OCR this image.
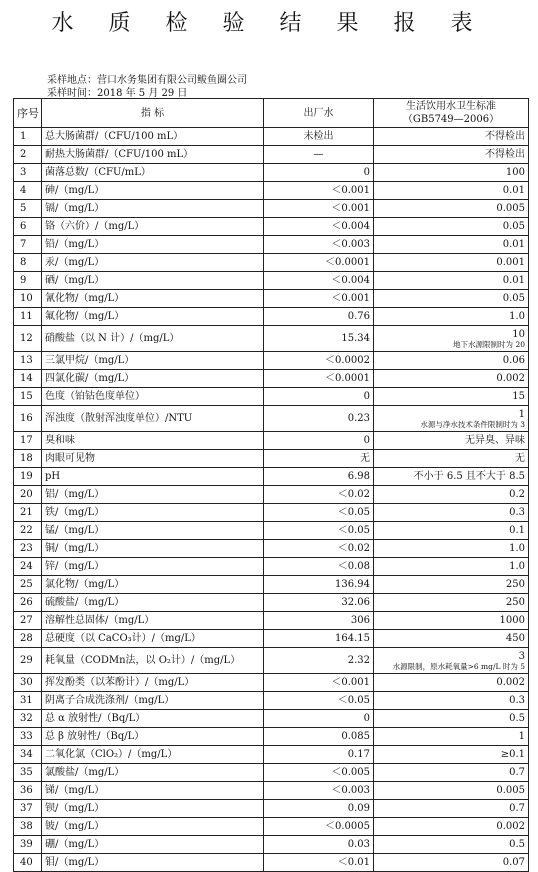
水 质 检 验 结 果 报 表
采样地点：营口水务集团有限公司鲅鱼圈公司
采样时间：2018 年 5 月 29 日
序号	指 标	出厂水	生活饮用水卫生标准
（GB5749—2006）
1	总大肠菌群/（CFU/100 mL）	未检出	不得检出

2	耐热大肠菌群/（CFU/100 mL）	—	不得检出

3	菌落总数/（CFU/mL）	0	100

4	砷/（mg/L）	＜0.001	0.01

5	镉/（mg/L）	＜0.001	0.005

6	铬（六价）/（mg/L）	＜0.004	0.05

7	铅/（mg/L）	＜0.003	0.01

8	汞/（mg/L）	＜0.0001	0.001

9	硒/（mg/L）	＜0.004	0.01

10	氰化物/（mg/L）	＜0.001	0.05

11	氟化物/（mg/L）	0.76	1.0

12	硝酸盐（以 N 计）/（mg/L）	15.34	10
地下水源限制时为 20

13	三氯甲烷/（mg/L）	＜0.0002	0.06

14	四氯化碳/（mg/L）	＜0.0001	0.002

15	色度（铂钴色度单位）	0	15

16	浑浊度（散射浑浊度单位）/NTU	0.23	1
水源与净水技术条件限制时为 3

17	臭和味	0	无异臭、异味

18	肉眼可见物	无	无

19	pH	6.98	不小于 6.5 且不大于 8.5

20	铝/（mg/L）	＜0.02	0.2

21	铁/（mg/L）	＜0.05	0.3

22	锰/（mg/L）	＜0.05	0.1

23	铜/（mg/L）	＜0.02	1.0

24	锌/（mg/L）	＜0.08	1.0

25	氯化物/（mg/L）	136.94	250

26	硫酸盐/（mg/L）	32.06	250

27	溶解性总固体/（mg/L）	306	1000

28	总硬度（以 CaCO₃计）/（mg/L）	164.15	450

29	耗氧量（CODMn法，以 O₂计）/（mg/L）	2.32	3
水源限制，原水耗氧量>6 mg/L 时为 5

30	挥发酚类（以苯酚计）/（mg/L）	＜0.001	0.002

31	阴离子合成洗涤剂/（mg/L）	＜0.05	0.3

32	总 α 放射性/（Bq/L）	0	0.5

33	总 β 放射性/（Bq/L）	0.085	1

34	二氧化氯（ClO₂）/（mg/L）	0.17	≥0.1

35	氯酸盐/（mg/L）	＜0.005	0.7

36	锑/（mg/L）	＜0.003	0.005

37	钡/（mg/L）	0.09	0.7

38	铍/（mg/L）	＜0.0005	0.002

39	硼/（mg/L）	0.03	0.5

40	钼/（mg/L）	＜0.01	0.07
